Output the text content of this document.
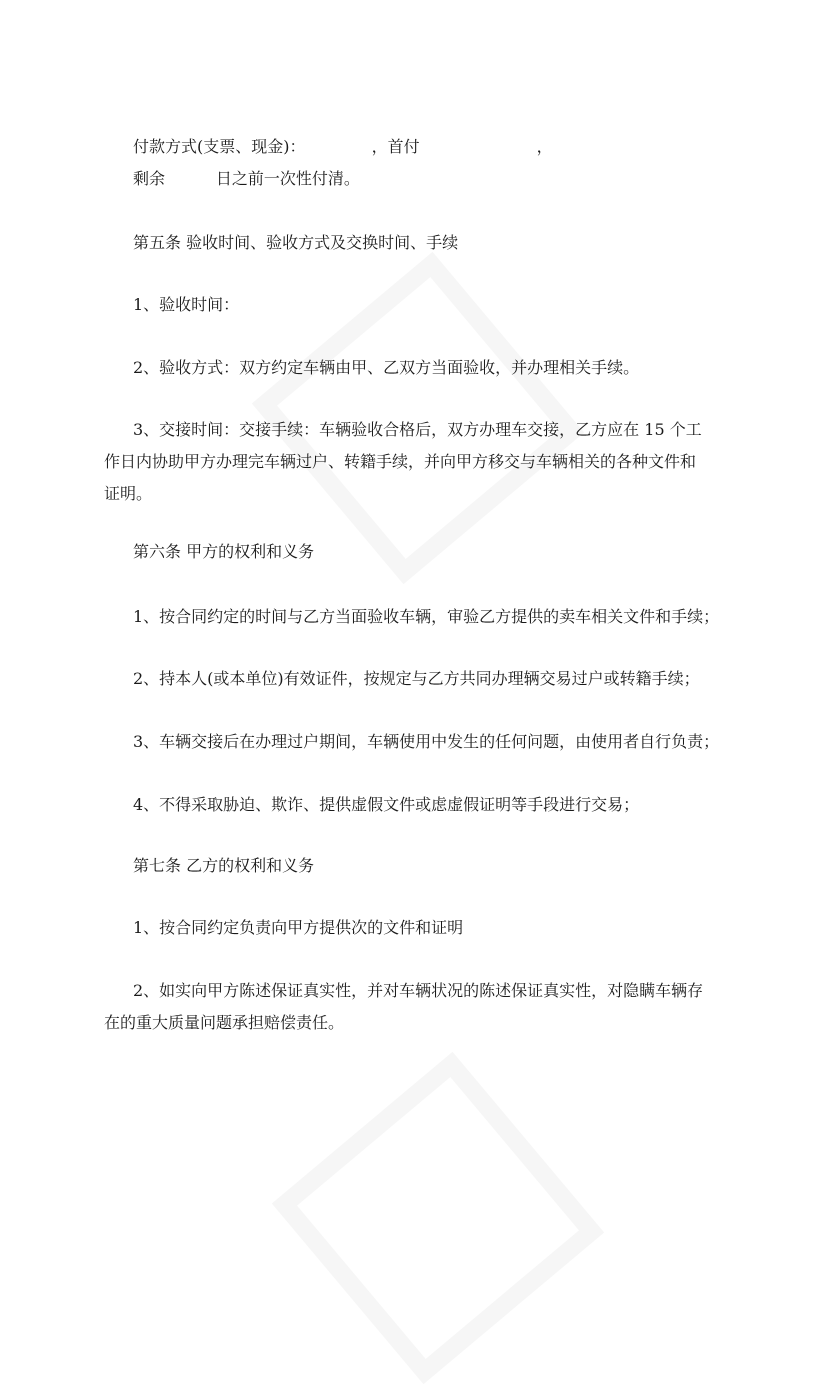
付款方式(支票、现金)：             ，首付                       ，
剩余          日之前一次性付清。
第五条 验收时间、验收方式及交换时间、手续
1、验收时间：
2、验收方式：双方约定车辆由甲、乙双方当面验收，并办理相关手续。
3、交接时间：交接手续：车辆验收合格后，双方办理车交接，乙方应在 15 个工
作日内协助甲方办理完车辆过户、转籍手续，并向甲方移交与车辆相关的各种文件和
证明。
第六条 甲方的权利和义务
1、按合同约定的时间与乙方当面验收车辆，审验乙方提供的卖车相关文件和手续；
2、持本人(或本单位)有效证件，按规定与乙方共同办理辆交易过户或转籍手续；
3、车辆交接后在办理过户期间，车辆使用中发生的任何问题，由使用者自行负责；
4、不得采取胁迫、欺诈、提供虚假文件或虑虚假证明等手段进行交易；
第七条 乙方的权利和义务
1、按合同约定负责向甲方提供次的文件和证明
2、如实向甲方陈述保证真实性，并对车辆状况的陈述保证真实性，对隐瞒车辆存
在的重大质量问题承担赔偿责任。
